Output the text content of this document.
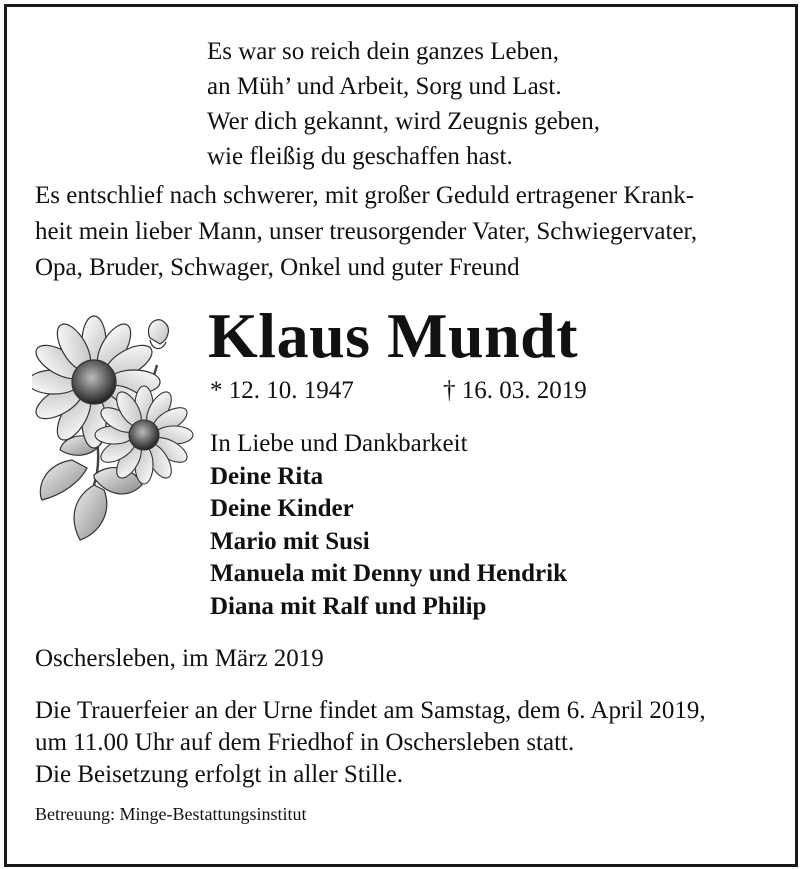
Es war so reich dein ganzes Leben,
an Müh’ und Arbeit, Sorg und Last.
Wer dich gekannt, wird Zeugnis geben,
wie fleißig du geschaffen hast.
Es entschlief nach schwerer, mit großer Geduld ertragener Krank-
heit mein lieber Mann, unser treusorgender Vater, Schwiegervater,
Opa, Bruder, Schwager, Onkel und guter Freund
Klaus Mundt
* 12. 10. 1947	† 16. 03. 2019
In Liebe und Dankbarkeit
Deine Rita
Deine Kinder
Mario mit Susi
Manuela mit Denny und Hendrik
Diana mit Ralf und Philip
Oschersleben, im März 2019
Die Trauerfeier an der Urne findet am Samstag, dem 6. April 2019,
um 11.00 Uhr auf dem Friedhof in Oschersleben statt.
Die Beisetzung erfolgt in aller Stille.
Betreuung: Minge-Bestattungsinstitut
